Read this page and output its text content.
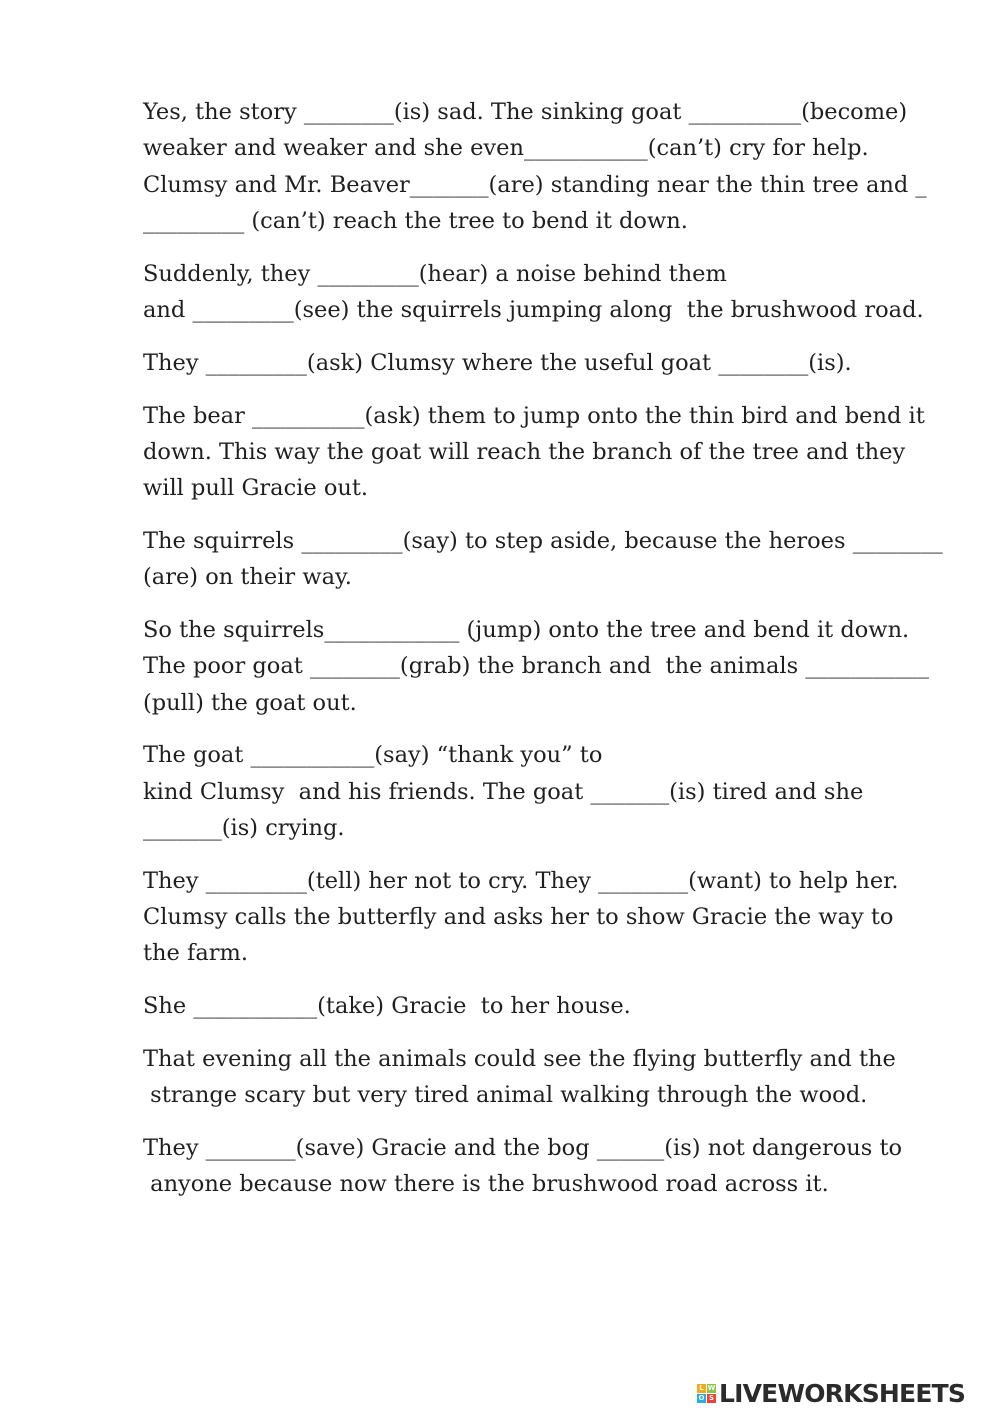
Yes, the story ________(is) sad. The sinking goat __________(become)
weaker and weaker and she even___________(can’t) cry for help.
Clumsy and Mr. Beaver_______(are) standing near the thin tree and _
_________ (can’t) reach the tree to bend it down.

Suddenly, they _________(hear) a noise behind them
and _________(see) the squirrels jumping along  the brushwood road.

They _________(ask) Clumsy where the useful goat ________(is).

The bear __________(ask) them to jump onto the thin bird and bend it
down. This way the goat will reach the branch of the tree and they
will pull Gracie out.

The squirrels _________(say) to step aside, because the heroes ________
(are) on their way.

So the squirrels____________ (jump) onto the tree and bend it down.
The poor goat ________(grab) the branch and  the animals ___________
(pull) the goat out.

The goat ___________(say) “thank you” to
kind Clumsy  and his friends. The goat _______(is) tired and she
_______(is) crying.

They _________(tell) her not to cry. They ________(want) to help her.
Clumsy calls the butterfly and asks her to show Gracie the way to
the farm.

She ___________(take) Gracie  to her house.

That evening all the animals could see the flying butterfly and the
strange scary but very tired animal walking through the wood.

They ________(save) Gracie and the bog ______(is) not dangerous to
anyone because now there is the brushwood road across it.

L W
O S LIVEWORKSHEETS
